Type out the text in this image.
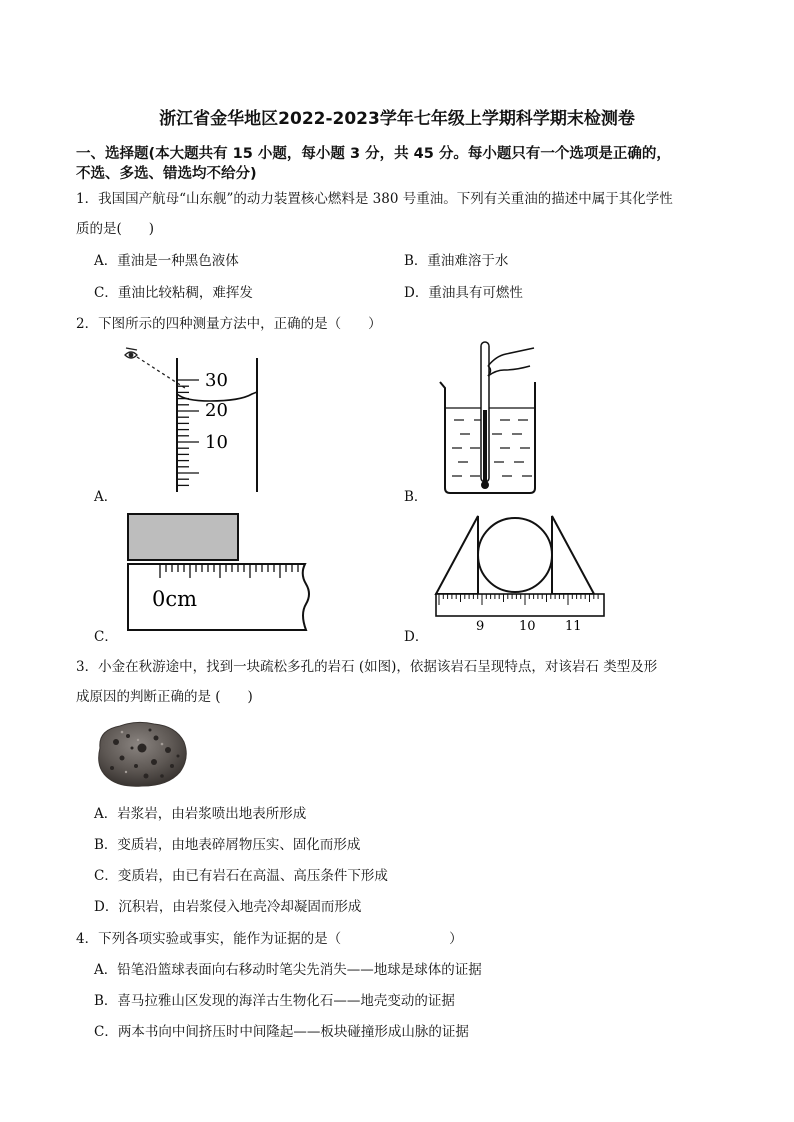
浙江省金华地区2022-2023学年七年级上学期科学期末检测卷
一、选择题(本大题共有 15 小题，每小题 3 分，共 45 分。每小题只有一个选项是正确的，
不选、多选、错选均不给分)
1．我国国产航母“山东舰”的动力装置核心燃料是 380 号重油。下列有关重油的描述中属于其化学性
质的是(　　)
A．重油是一种黑色液体	B．重油难溶于水
C．重油比较粘稠，难挥发	D．重油具有可燃性
2．下图所示的四种测量方法中，正确的是（　　）
30
20
10
A．	B．
0cm
C．
9	10 11
D．
3．小金在秋游途中，找到一块疏松多孔的岩石 (如图)，依据该岩石呈现特点，对该岩石 类型及形
成原因的判断正确的是 (　　)
A．岩浆岩，由岩浆喷出地表所形成
B．变质岩，由地表碎屑物压实、固化而形成
C．变质岩，由已有岩石在高温、高压条件下形成
D．沉积岩，由岩浆侵入地壳冷却凝固而形成
4．下列各项实验或事实，能作为证据的是（　　　　　　　　）
A．铅笔沿篮球表面向右移动时笔尖先消失——地球是球体的证据
B．喜马拉雅山区发现的海洋古生物化石——地壳变动的证据
C．两本书向中间挤压时中间隆起——板块碰撞形成山脉的证据
